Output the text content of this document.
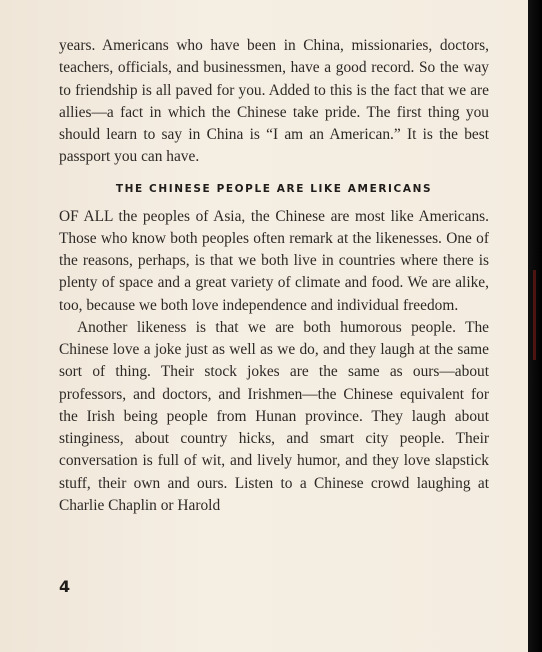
years. Americans who have been in China, missionaries, doctors, teachers, officials, and businessmen, have a good record. So the way to friendship is all paved for you. Added to this is the fact that we are allies—a fact in which the Chinese take pride. The first thing you should learn to say in China is “I am an American.” It is the best passport you can have.

THE CHINESE PEOPLE ARE LIKE AMERICANS

OF ALL the peoples of Asia, the Chinese are most like Americans. Those who know both peoples often remark at the likenesses. One of the reasons, perhaps, is that we both live in countries where there is plenty of space and a great variety of climate and food. We are alike, too, because we both love independence and individual freedom.

Another likeness is that we are both humorous people. The Chinese love a joke just as well as we do, and they laugh at the same sort of thing. Their stock jokes are the same as ours—about professors, and doctors, and Irishmen—the Chinese equivalent for the Irish being people from Hunan province. They laugh about stinginess, about country hicks, and smart city people. Their conversation is full of wit, and lively humor, and they love slapstick stuff, their own and ours. Listen to a Chinese crowd laughing at Charlie Chaplin or Harold

4
